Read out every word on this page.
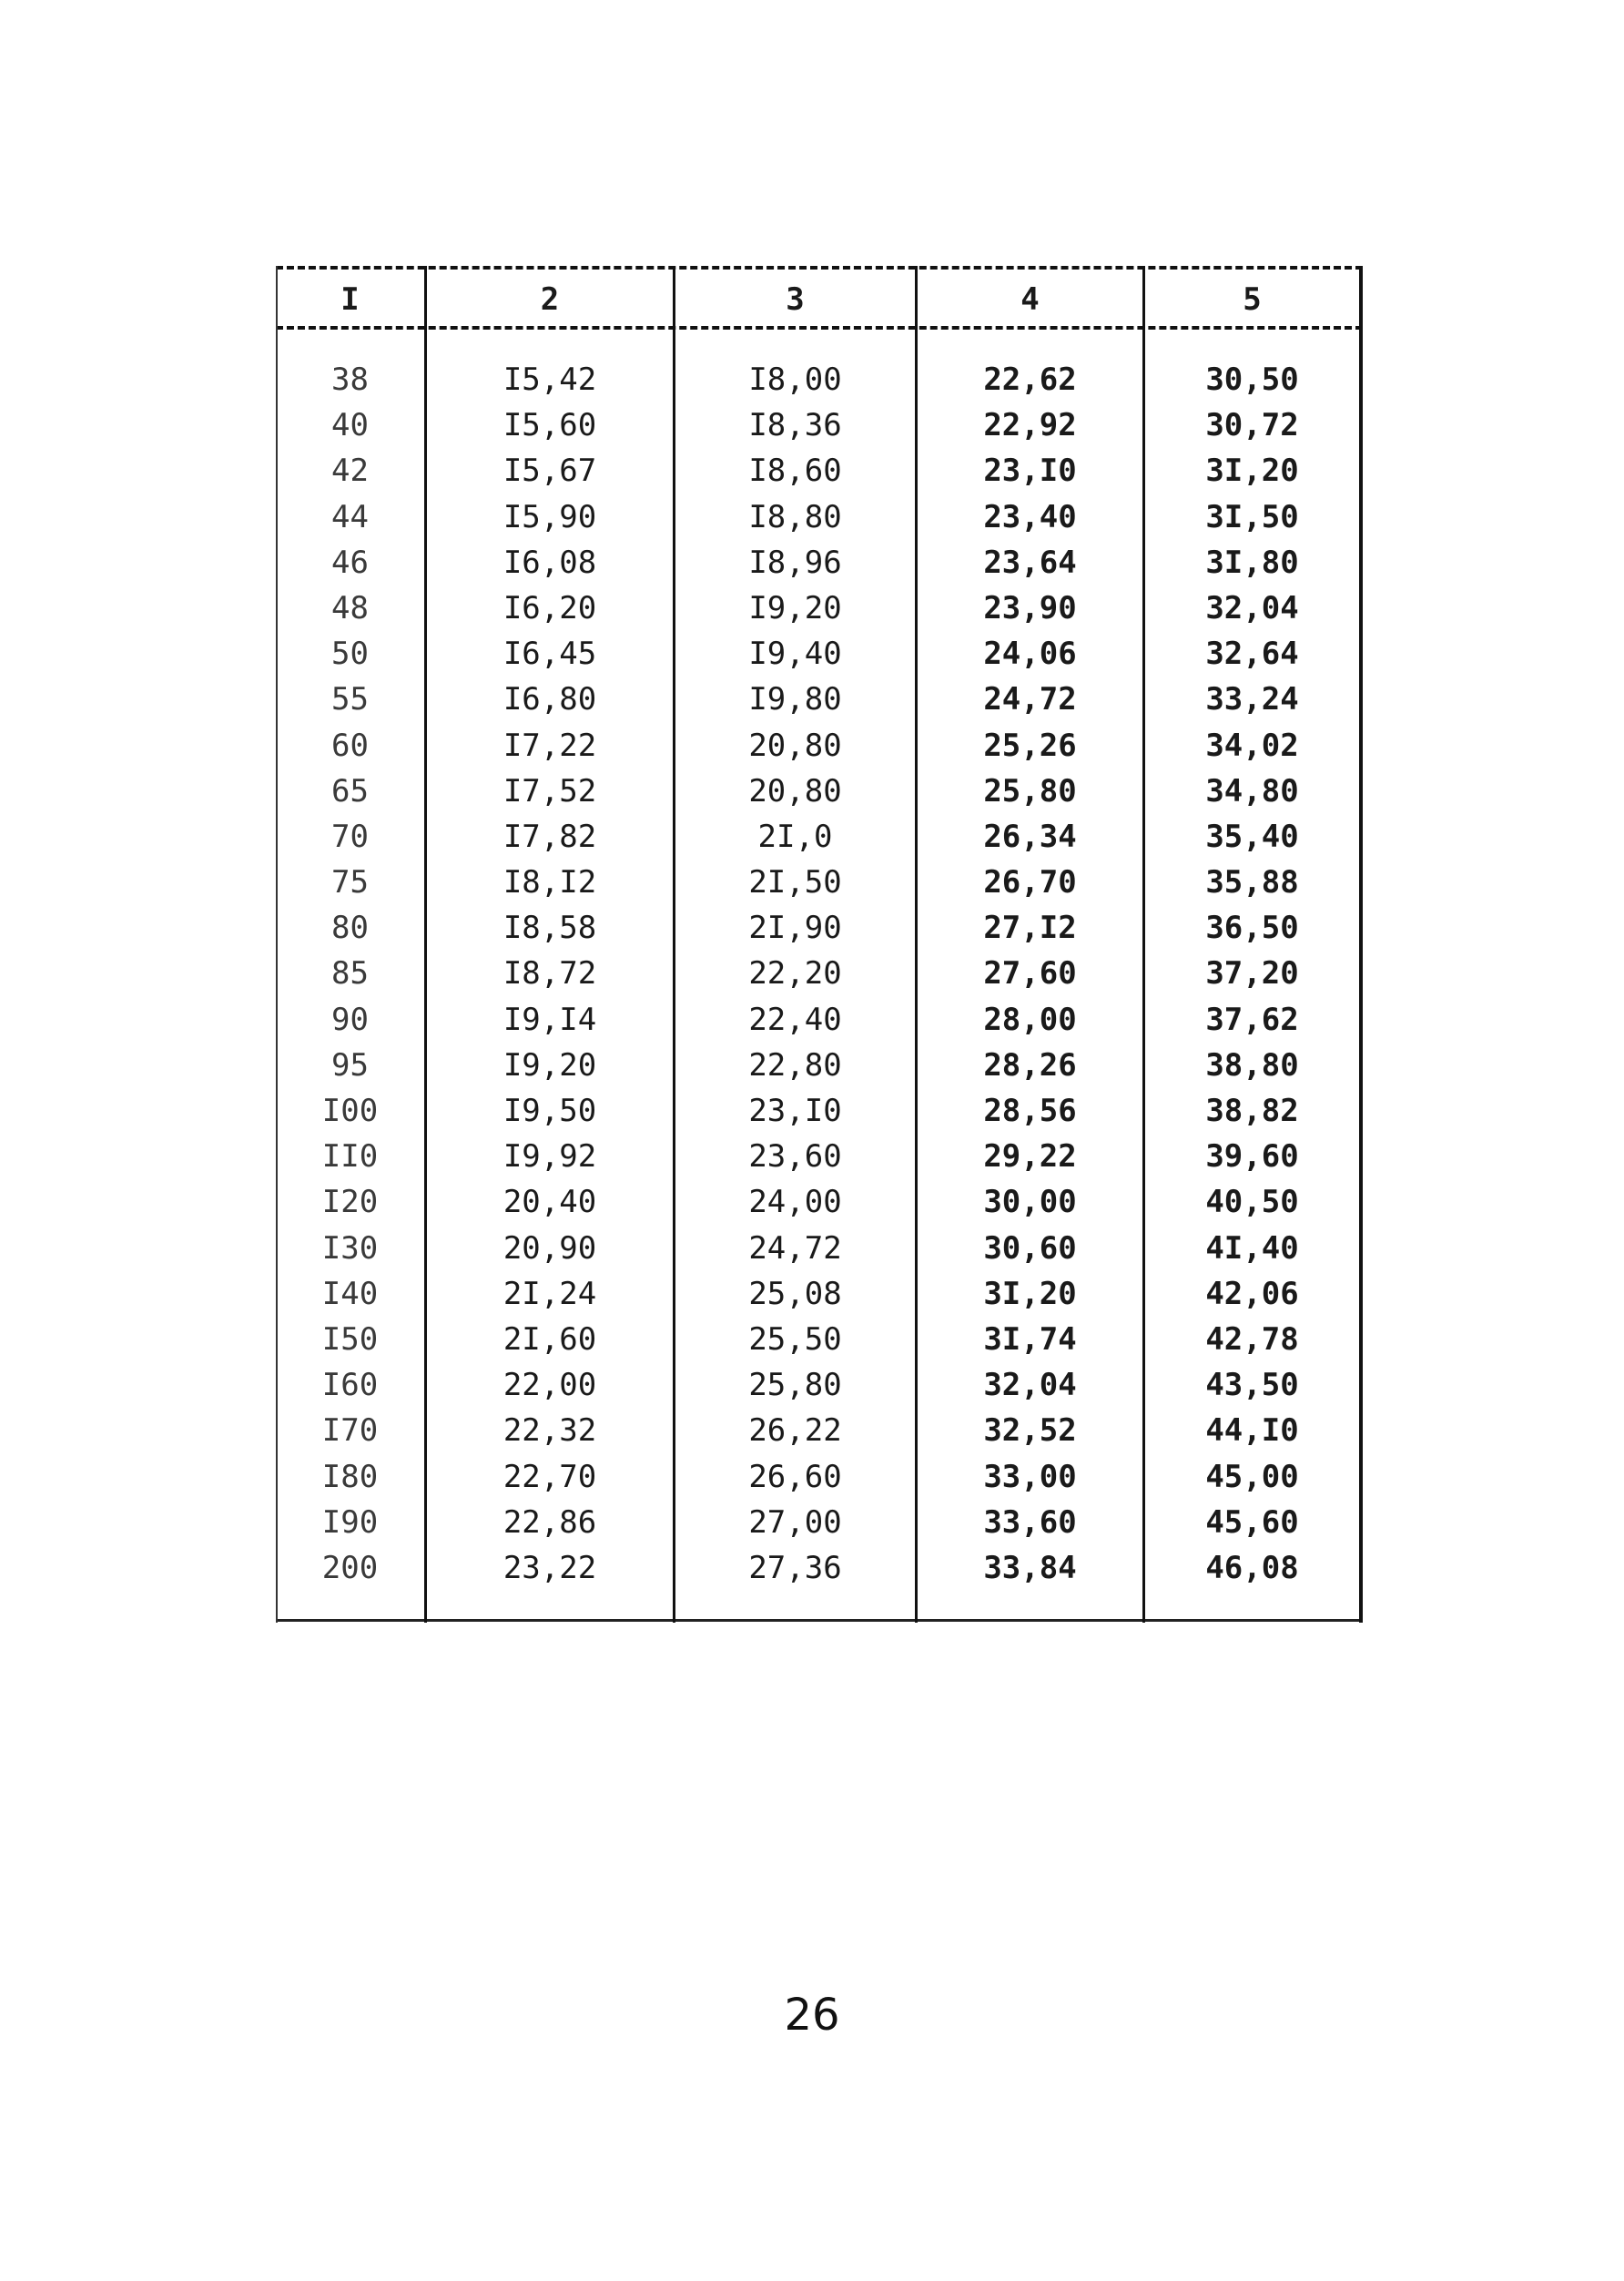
I	2	3	4	5
38	I5,42	I8,00	22,62	30,50
40	I5,60	I8,36	22,92	30,72
42	I5,67	I8,60	23,I0	3I,20
44	I5,90	I8,80	23,40	3I,50
46	I6,08	I8,96	23,64	3I,80
48	I6,20	I9,20	23,90	32,04
50	I6,45	I9,40	24,06	32,64
55	I6,80	I9,80	24,72	33,24
60	I7,22	20,80	25,26	34,02
65	I7,52	20,80	25,80	34,80
70	I7,82	2I,0	26,34	35,40
75	I8,I2	2I,50	26,70	35,88
80	I8,58	2I,90	27,I2	36,50
85	I8,72	22,20	27,60	37,20
90	I9,I4	22,40	28,00	37,62
95	I9,20	22,80	28,26	38,80
I00	I9,50	23,I0	28,56	38,82
II0	I9,92	23,60	29,22	39,60
I20	20,40	24,00	30,00	40,50
I30	20,90	24,72	30,60	4I,40
I40	2I,24	25,08	3I,20	42,06
I50	2I,60	25,50	3I,74	42,78
I60	22,00	25,80	32,04	43,50
I70	22,32	26,22	32,52	44,I0
I80	22,70	26,60	33,00	45,00
I90	22,86	27,00	33,60	45,60
200	23,22	27,36	33,84	46,08
26
